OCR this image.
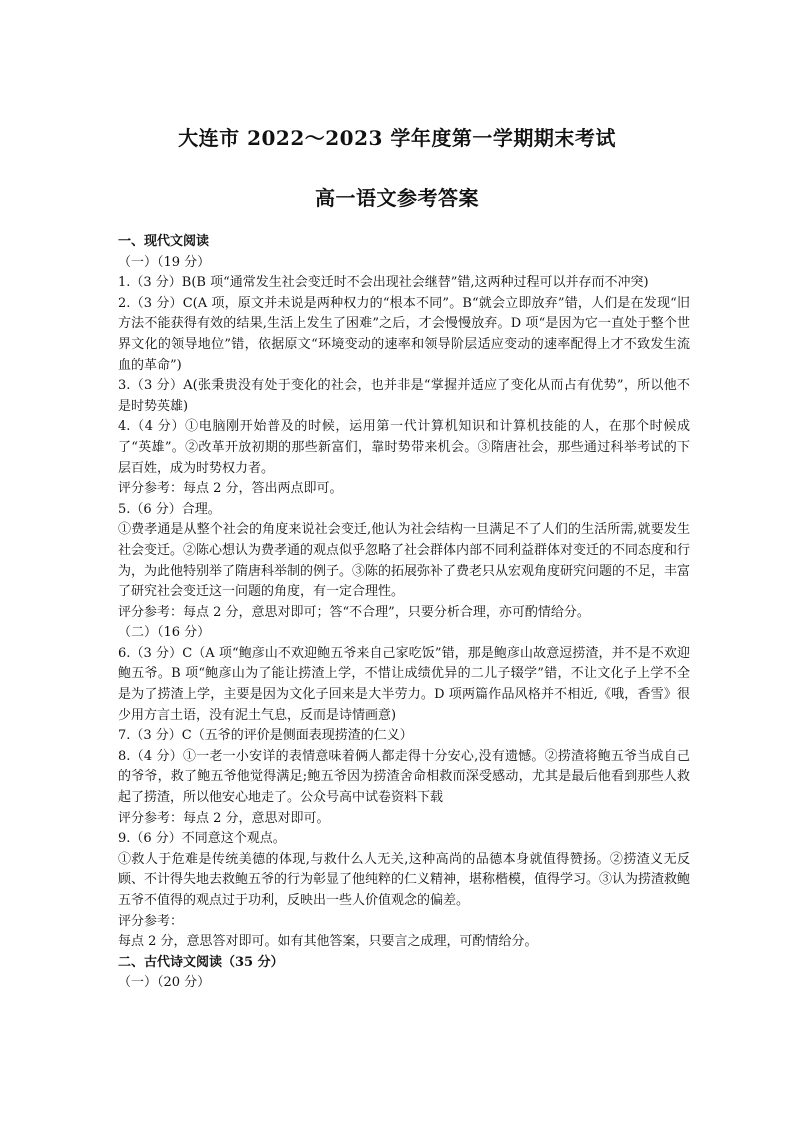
大连市 2022～2023 学年度第一学期期末考试
高一语文参考答案
一、现代文阅读
（一）（19 分）
1.（3 分）B(B 项“通常发生社会变迁时不会出现社会继替”错,这两种过程可以并存而不冲突)
2.（3 分）C(A 项，原文并未说是两种权力的“根本不同”。B“就会立即放弃”错，人们是在发现“旧方法不能获得有效的结果,生活上发生了困难”之后，才会慢慢放弃。D 项“是因为它一直处于整个世界文化的领导地位”错，依据原文“环境变动的速率和领导阶层适应变动的速率配得上才不致发生流血的革命”)
3.（3 分）A(张秉贵没有处于变化的社会，也并非是“掌握并适应了变化从而占有优势”，所以他不是时势英雄)
4.（4 分）①电脑刚开始普及的时候，运用第一代计算机知识和计算机技能的人，在那个时候成了“英雄”。②改革开放初期的那些新富们，靠时势带来机会。③隋唐社会，那些通过科举考试的下层百姓，成为时势权力者。
评分参考：每点 2 分，答出两点即可。
5.（6 分）合理。
①费孝通是从整个社会的角度来说社会变迁,他认为社会结构一旦满足不了人们的生活所需,就要发生社会变迁。②陈心想认为费孝通的观点似乎忽略了社会群体内部不同利益群体对变迁的不同态度和行为，为此他特别举了隋唐科举制的例子。③陈的拓展弥补了费老只从宏观角度研究问题的不足，丰富了研究社会变迁这一问题的角度，有一定合理性。
评分参考：每点 2 分，意思对即可；答“不合理”，只要分析合理，亦可酌情给分。
（二）（16 分）
6.（3 分）C（A 项“鲍彦山不欢迎鲍五爷来自己家吃饭”错，那是鲍彦山故意逗捞渣，并不是不欢迎鲍五爷。B 项“鲍彦山为了能让捞渣上学，不惜让成绩优异的二儿子辍学”错，不让文化子上学不全是为了捞渣上学，主要是因为文化子回来是大半劳力。D 项两篇作品风格并不相近,《哦，香雪》很少用方言土语，没有泥土气息，反而是诗情画意)
7.（3 分）C（五爷的评价是侧面表现捞渣的仁义）
8.（4 分）①一老一小安详的表情意味着俩人都走得十分安心,没有遗憾。②捞渣将鲍五爷当成自己的爷爷，救了鲍五爷他觉得满足;鲍五爷因为捞渣舍命相救而深受感动，尤其是最后他看到那些人救起了捞渣，所以他安心地走了。公众号高中试卷资料下载
评分参考：每点 2 分，意思对即可。
9.（6 分）不同意这个观点。
①救人于危难是传统美德的体现,与救什么人无关,这种高尚的品德本身就值得赞扬。②捞渣义无反顾、不计得失地去救鲍五爷的行为彰显了他纯粹的仁义精神，堪称楷模，值得学习。③认为捞渣救鲍五爷不值得的观点过于功利，反映出一些人价值观念的偏差。
评分参考：
每点 2 分，意思答对即可。如有其他答案，只要言之成理，可酌情给分。
二、古代诗文阅读（35 分）
（一）（20 分）
